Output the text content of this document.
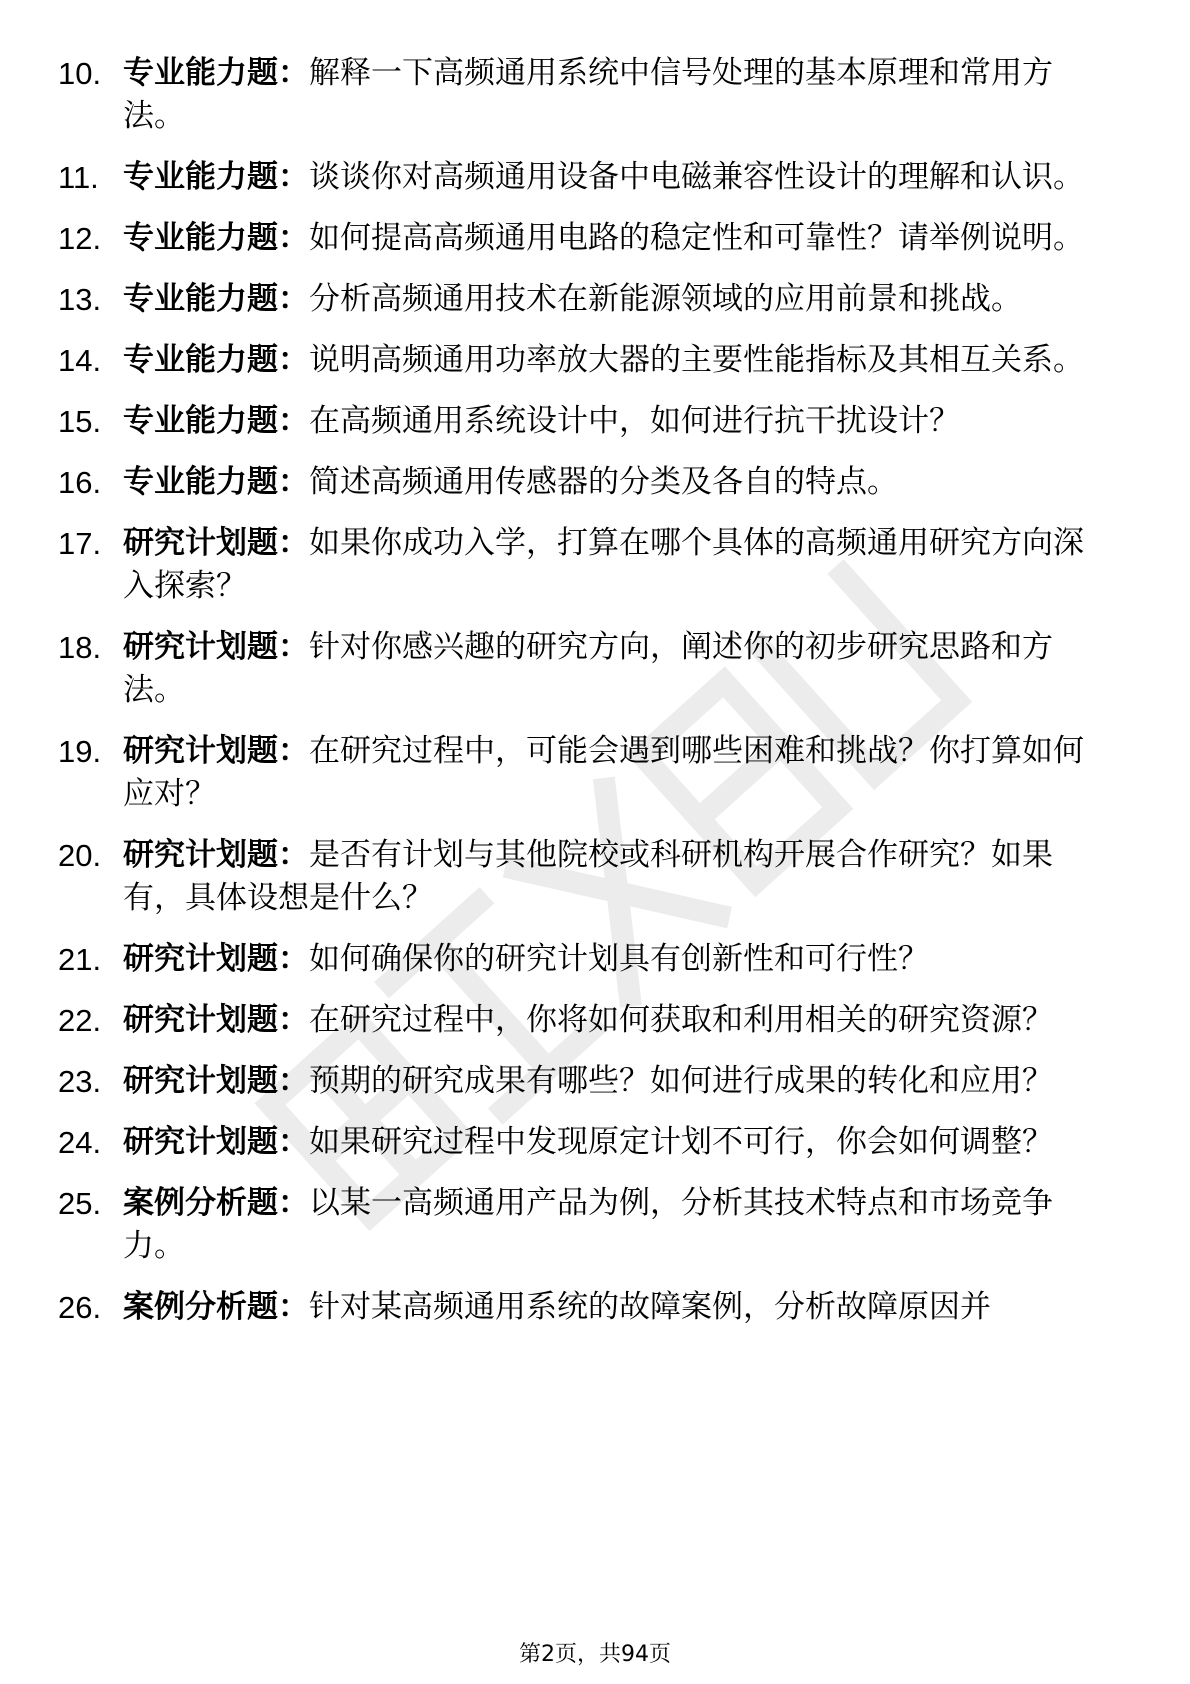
10. 专业能力题：解释一下高频通用系统中信号处理的基本原理和常用方法。
11. 专业能力题：谈谈你对高频通用设备中电磁兼容性设计的理解和认识。
12. 专业能力题：如何提高高频通用电路的稳定性和可靠性？请举例说明。
13. 专业能力题：分析高频通用技术在新能源领域的应用前景和挑战。
14. 专业能力题：说明高频通用功率放大器的主要性能指标及其相互关系。
15. 专业能力题：在高频通用系统设计中，如何进行抗干扰设计？
16. 专业能力题：简述高频通用传感器的分类及各自的特点。
17. 研究计划题：如果你成功入学，打算在哪个具体的高频通用研究方向深入探索？
18. 研究计划题：针对你感兴趣的研究方向，阐述你的初步研究思路和方法。
19. 研究计划题：在研究过程中，可能会遇到哪些困难和挑战？你打算如何应对？
20. 研究计划题：是否有计划与其他院校或科研机构开展合作研究？如果有，具体设想是什么？
21. 研究计划题：如何确保你的研究计划具有创新性和可行性？
22. 研究计划题：在研究过程中，你将如何获取和利用相关的研究资源？
23. 研究计划题：预期的研究成果有哪些？如何进行成果的转化和应用？
24. 研究计划题：如果研究过程中发现原定计划不可行，你会如何调整？
25. 案例分析题：以某一高频通用产品为例，分析其技术特点和市场竞争力。
26. 案例分析题：针对某高频通用系统的故障案例，分析故障原因并
第2页，共94页
